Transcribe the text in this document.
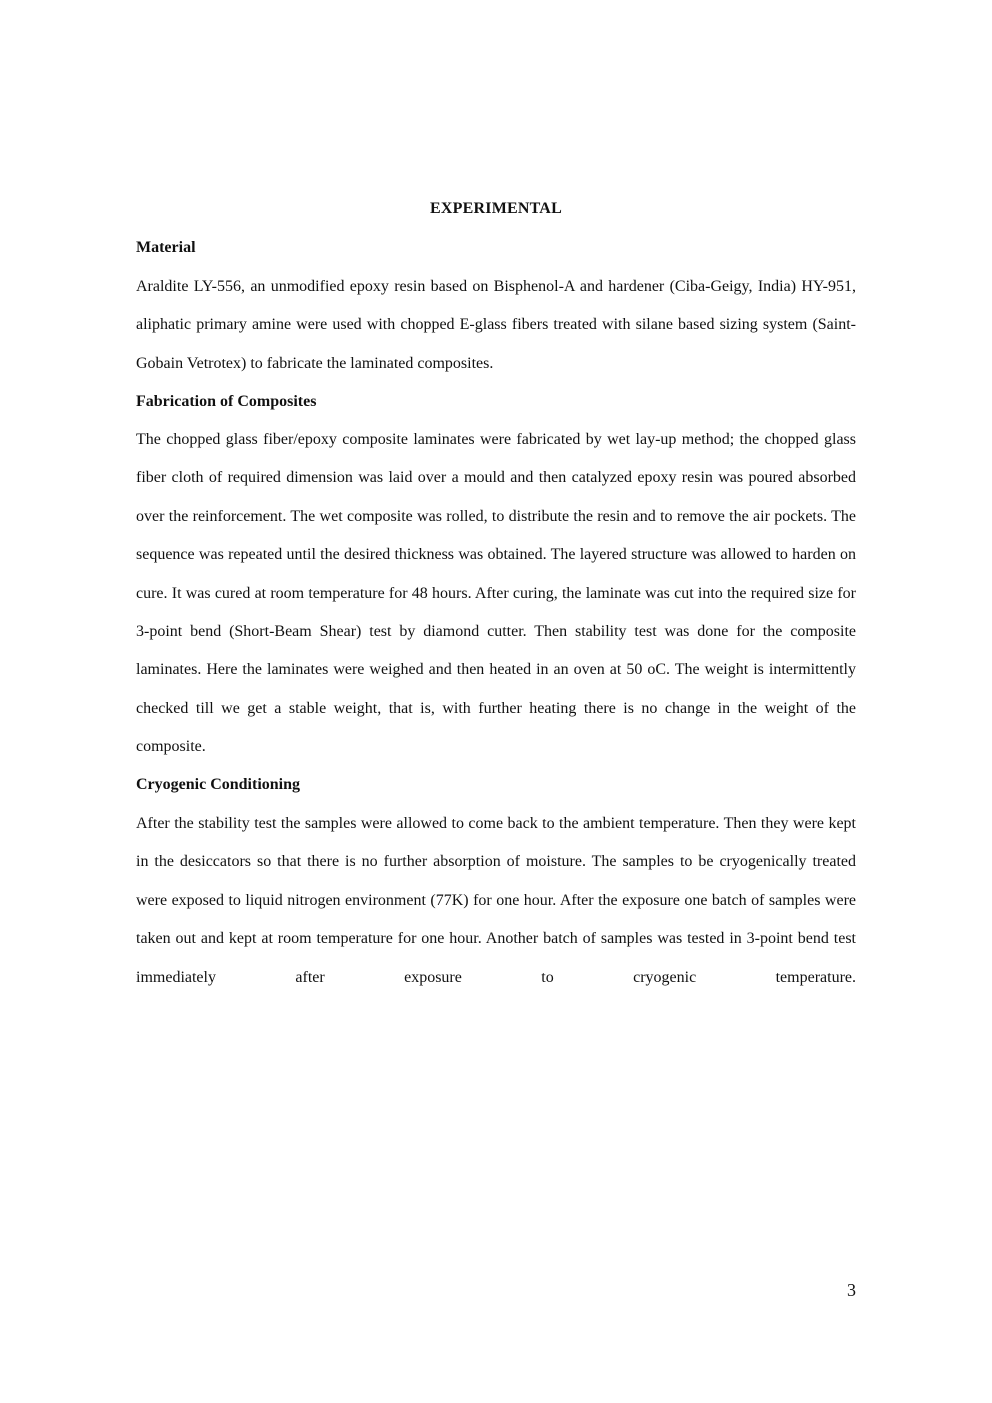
EXPERIMENTAL
Material

Araldite LY-556, an unmodified epoxy resin based on Bisphenol-A and hardener (Ciba-Geigy, India) HY-951, aliphatic primary amine were used with chopped E-glass fibers treated with silane based sizing system (Saint-Gobain Vetrotex) to fabricate the laminated composites.

Fabrication of Composites

The chopped glass fiber/epoxy composite laminates were fabricated by wet lay-up method; the chopped glass fiber cloth of required dimension was laid over a mould and then catalyzed epoxy resin was poured absorbed over the reinforcement. The wet composite was rolled, to distribute the resin and to remove the air pockets. The sequence was repeated until the desired thickness was obtained. The layered structure was allowed to harden on cure. It was cured at room temperature for 48 hours. After curing, the laminate was cut into the required size for 3-point bend (Short-Beam Shear) test by diamond cutter. Then stability test was done for the composite laminates. Here the laminates were weighed and then heated in an oven at 50 oC. The weight is intermittently checked till we get a stable weight, that is, with further heating there is no change in the weight of the composite.

Cryogenic Conditioning

After the stability test the samples were allowed to come back to the ambient temperature. Then they were kept in the desiccators so that there is no further absorption of moisture. The samples to be cryogenically treated were exposed to liquid nitrogen environment (77K) for one hour. After the exposure one batch of samples were taken out and kept at room temperature for one hour. Another batch of samples was tested in 3-point bend test immediately after exposure to cryogenic temperature.

3
